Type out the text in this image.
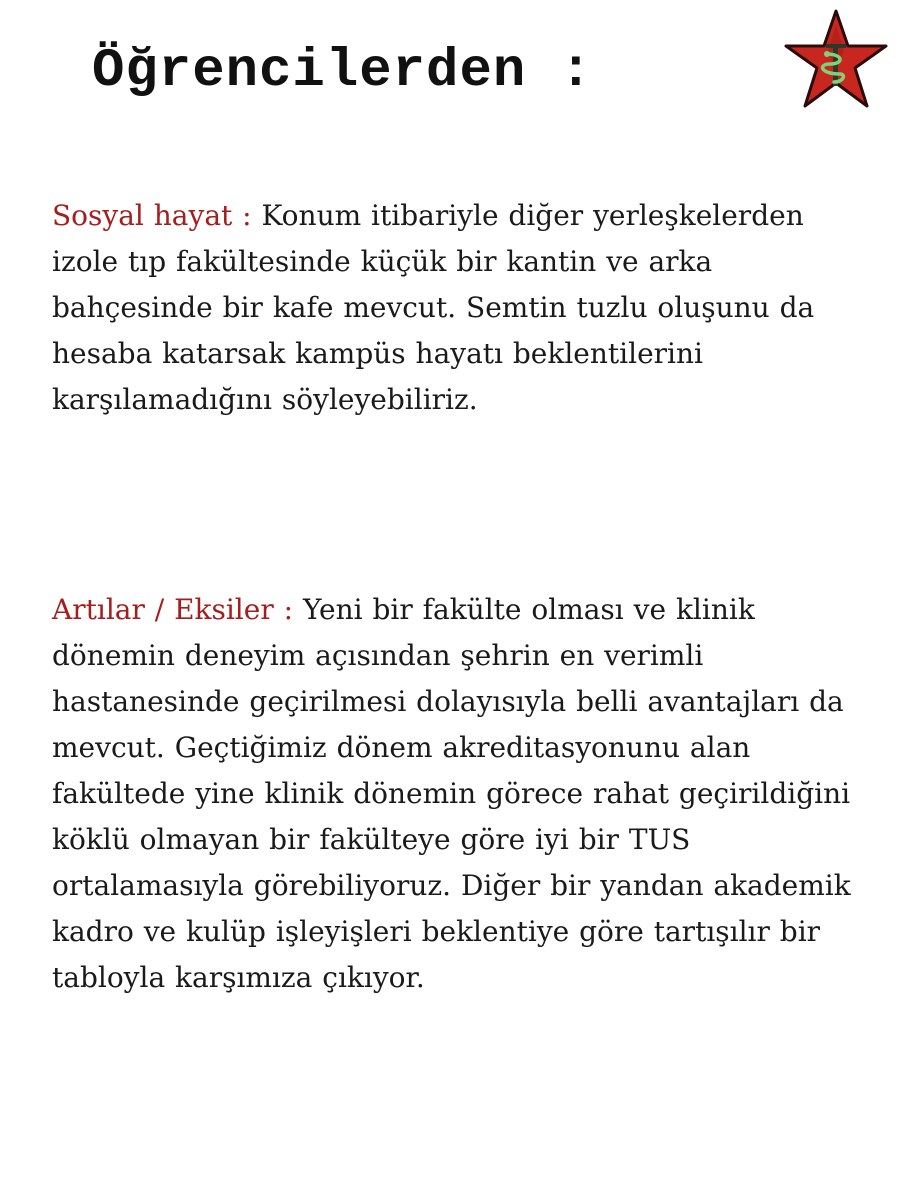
Öğrencilerden :

Sosyal hayat : Konum itibariyle diğer yerleşkelerden izole tıp fakültesinde küçük bir kantin ve arka bahçesinde bir kafe mevcut. Semtin tuzlu oluşunu da hesaba katarsak kampüs hayatı beklentilerini karşılamadığını söyleyebiliriz.

Artılar / Eksiler : Yeni bir fakülte olması ve klinik dönemin deneyim açısından şehrin en verimli hastanesinde geçirilmesi dolayısıyla belli avantajları da mevcut. Geçtiğimiz dönem akreditasyonunu alan fakültede yine klinik dönemin görece rahat geçirildiğini köklü olmayan bir fakülteye göre iyi bir TUS ortalamasıyla görebiliyoruz. Diğer bir yandan akademik kadro ve kulüp işleyişleri beklentiye göre tartışılır bir tabloyla karşımıza çıkıyor.
